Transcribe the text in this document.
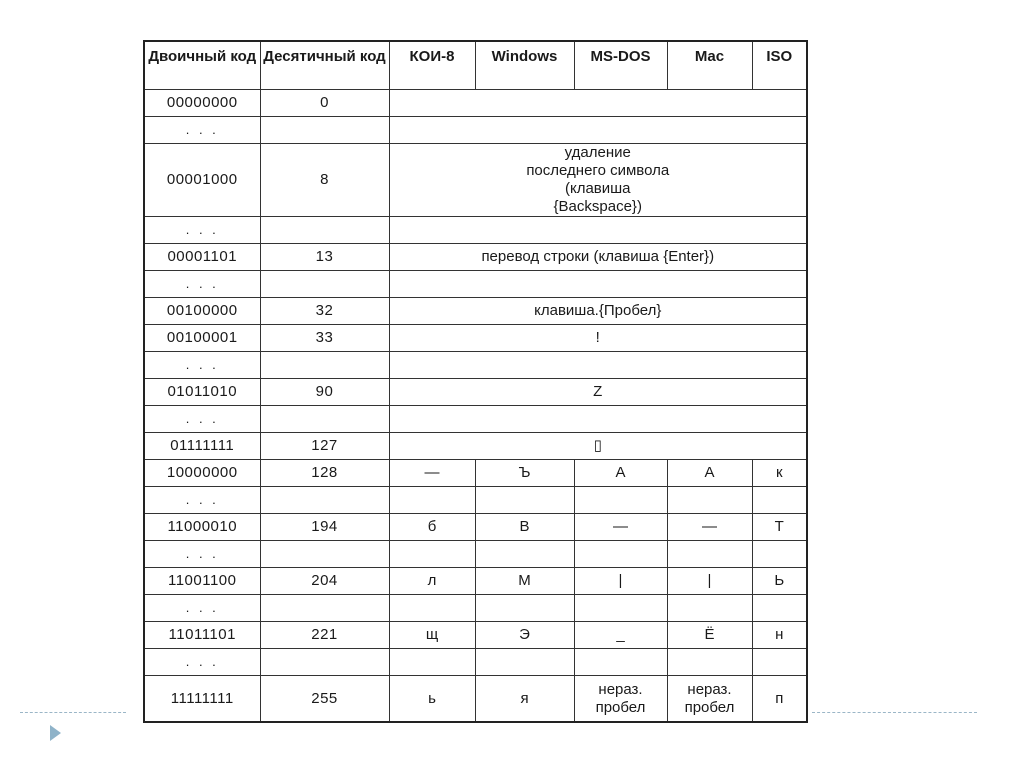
Двоичный код	Десятичный код	КОИ-8	Windows	MS-DOS	Mac	ISO
00000000	0					
. . .						
00001000	8	удаление последнего символа (клавиша {Backspace})				
. . .						
00001101	13	перевод строки (клавиша {Enter})				
. . .						
00100000	32	клавиша.{Пробел}				
00100001	33	!				
. . .						
01011010	90	Z				
. . .						
01111111	127	▯				
10000000	128	—	Ъ	А	А	к
. . .						
11000010	194	б	В	—	—	Т
. . .						
11001100	204	л	М	|	|	Ь
. . .						
11011101	221	щ	Э	_	Ё	н
. . .						
11111111	255	ь	я	нераз. пробел	нераз. пробел	п
